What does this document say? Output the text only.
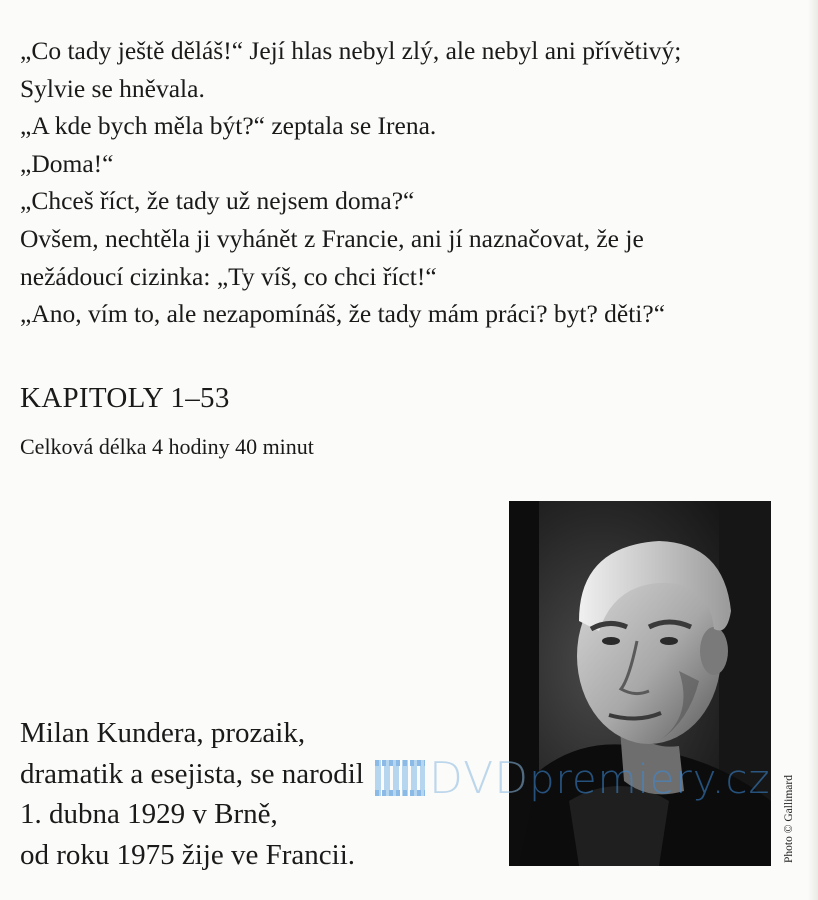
„Co tady ještě děláš!“ Její hlas nebyl zlý, ale nebyl ani přívětivý;
Sylvie se hněvala.
„A kde bych měla být?“ zeptala se Irena.
„Doma!“
„Chceš říct, že tady už nejsem doma?“
Ovšem, nechtěla ji vyhánět z Francie, ani jí naznačovat, že je
nežádoucí cizinka: „Ty víš, co chci říct!“
„Ano, vím to, ale nezapomínáš, že tady mám práci? byt? děti?“
KAPITOLY 1–53
Celková délka 4 hodiny 40 minut
Milan Kundera, prozaik,
dramatik a esejista, se narodil
1. dubna 1929 v Brně,
od roku 1975 žije ve Francii.	Photo © Gallimard
DVDpremiery.cz
